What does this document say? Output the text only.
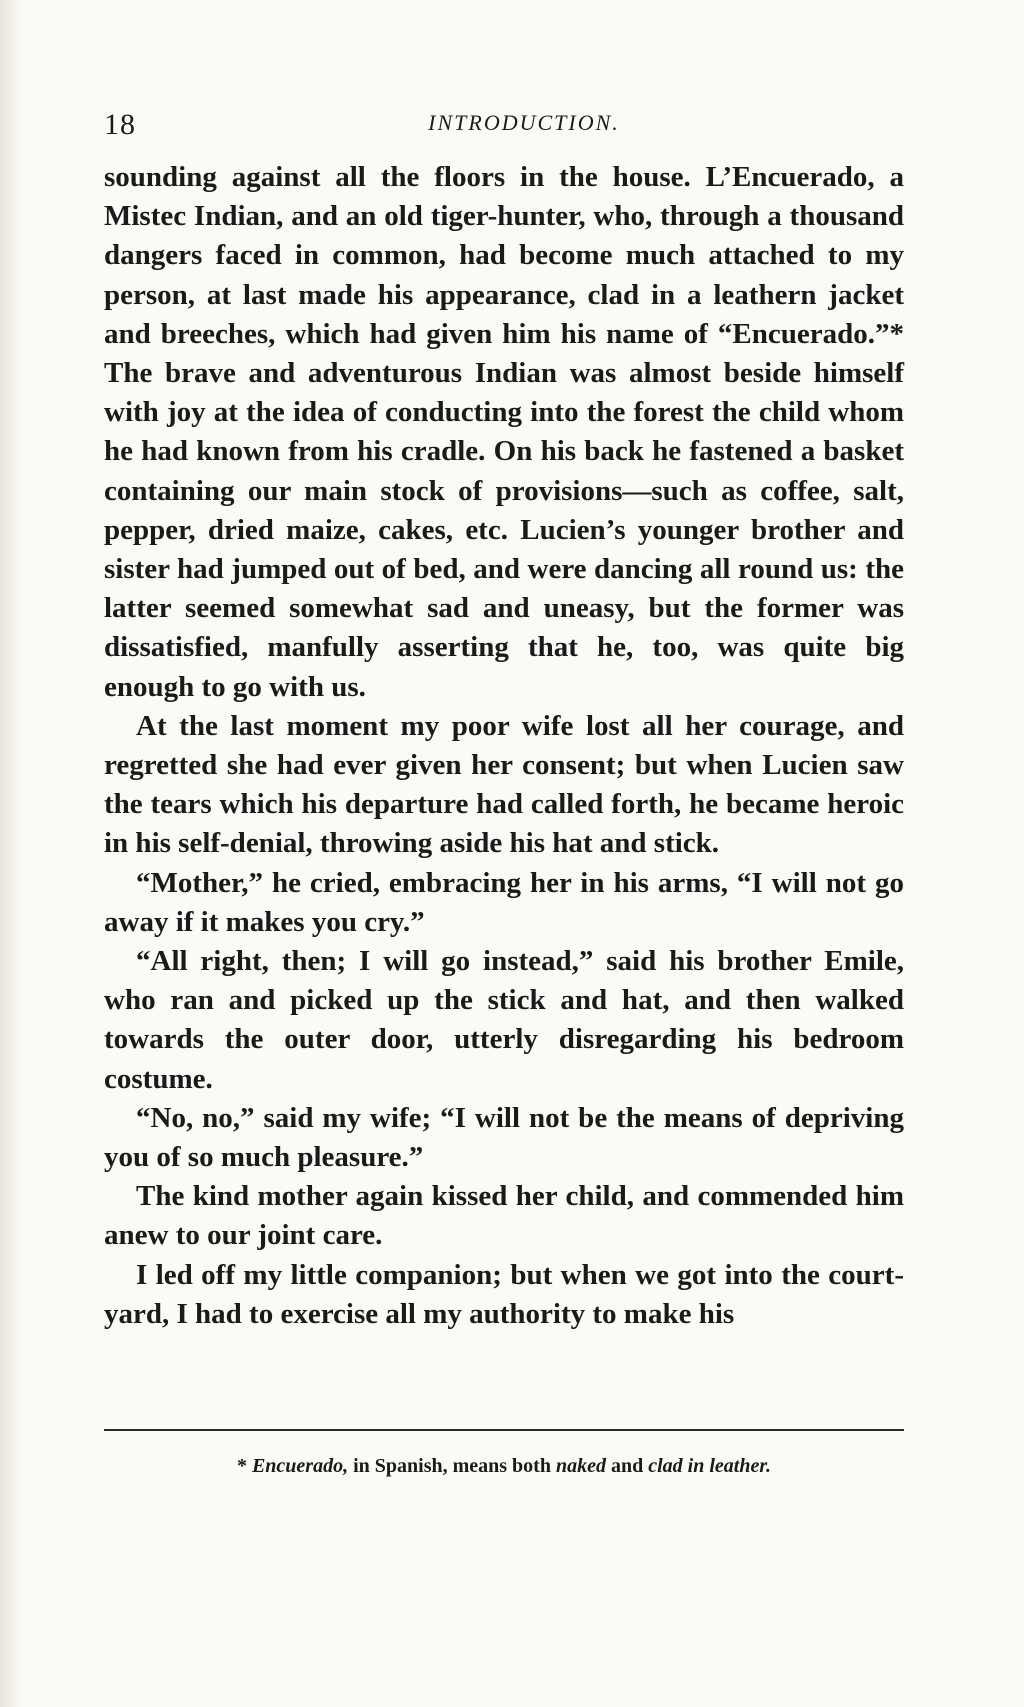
18	INTRODUCTION.

sounding against all the floors in the house. L’Encuerado, a Mistec Indian, and an old tiger-hunter, who, through a thousand dangers faced in common, had become much attached to my person, at last made his appearance, clad in a leathern jacket and breeches, which had given him his name of “Encuerado.”* The brave and adventurous Indian was almost beside himself with joy at the idea of conducting into the forest the child whom he had known from his cradle. On his back he fastened a basket containing our main stock of provisions—such as coffee, salt, pepper, dried maize, cakes, etc. Lucien’s younger brother and sister had jumped out of bed, and were dancing all round us: the latter seemed somewhat sad and uneasy, but the former was dissatisfied, manfully asserting that he, too, was quite big enough to go with us.

At the last moment my poor wife lost all her courage, and regretted she had ever given her consent; but when Lucien saw the tears which his departure had called forth, he became heroic in his self-denial, throwing aside his hat and stick.

“Mother,” he cried, embracing her in his arms, “I will not go away if it makes you cry.”

“All right, then; I will go instead,” said his brother Emile, who ran and picked up the stick and hat, and then walked towards the outer door, utterly disregarding his bedroom costume.

“No, no,” said my wife; “I will not be the means of depriving you of so much pleasure.”

The kind mother again kissed her child, and commended him anew to our joint care.

I led off my little companion; but when we got into the court-yard, I had to exercise all my authority to make his

* Encuerado, in Spanish, means both naked and clad in leather.
